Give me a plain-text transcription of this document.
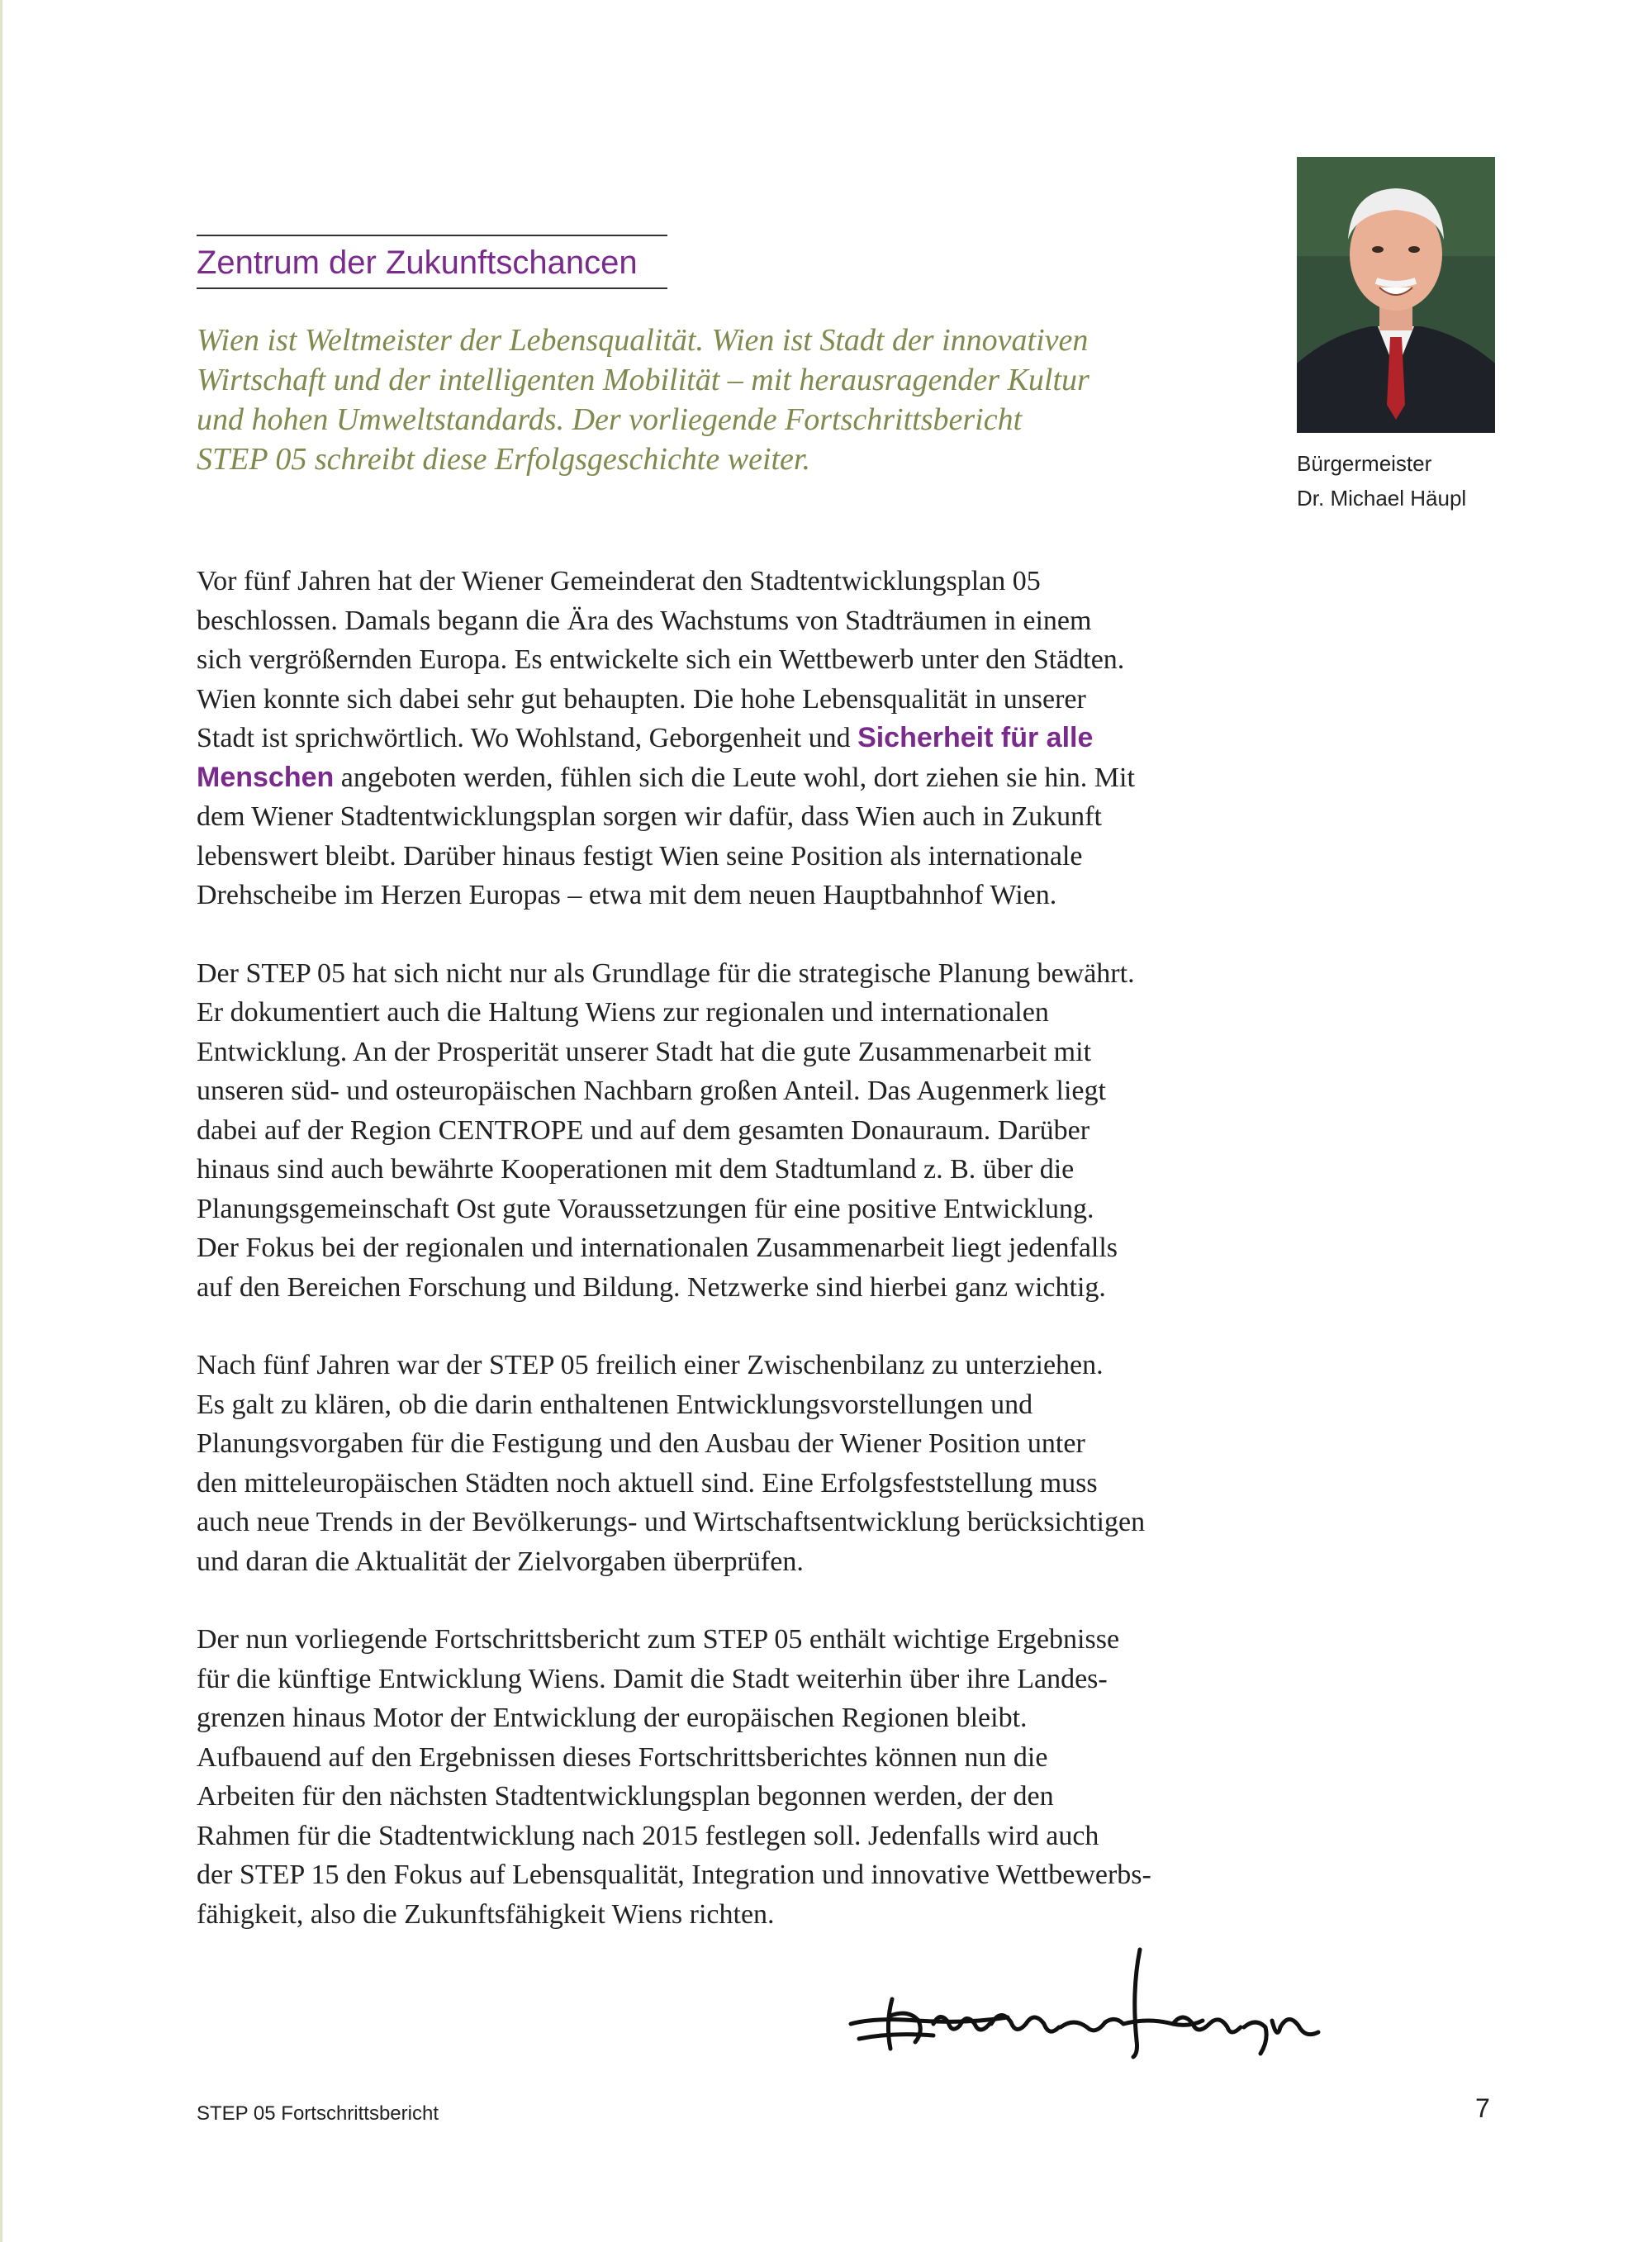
Zentrum der Zukunftschancen
Wien ist Weltmeister der Lebensqualität. Wien ist Stadt der innovativen
Wirtschaft und der intelligenten Mobilität – mit herausragender Kultur
und hohen Umweltstandards. Der vorliegende Fortschrittsbericht
STEP 05 schreibt diese Erfolgsgeschichte weiter.	Bürgermeister
Dr. Michael Häupl
Vor fünf Jahren hat der Wiener Gemeinderat den Stadtentwicklungsplan 05
beschlossen. Damals begann die Ära des Wachstums von Stadträumen in einem
sich vergrößernden Europa. Es entwickelte sich ein Wettbewerb unter den Städten.
Wien konnte sich dabei sehr gut behaupten. Die hohe Lebensqualität in unserer
Stadt ist sprichwörtlich. Wo Wohlstand, Geborgenheit und Sicherheit für alle
Menschen angeboten werden, fühlen sich die Leute wohl, dort ziehen sie hin. Mit
dem Wiener Stadtentwicklungsplan sorgen wir dafür, dass Wien auch in Zukunft
lebenswert bleibt. Darüber hinaus festigt Wien seine Position als internationale
Drehscheibe im Herzen Europas – etwa mit dem neuen Hauptbahnhof Wien.
Der STEP 05 hat sich nicht nur als Grundlage für die strategische Planung bewährt.
Er dokumentiert auch die Haltung Wiens zur regionalen und internationalen
Entwicklung. An der Prosperität unserer Stadt hat die gute Zusammenarbeit mit
unseren süd- und osteuropäischen Nachbarn großen Anteil. Das Augenmerk liegt
dabei auf der Region CENTROPE und auf dem gesamten Donauraum. Darüber
hinaus sind auch bewährte Kooperationen mit dem Stadtumland z. B. über die
Planungsgemeinschaft Ost gute Voraussetzungen für eine positive Entwicklung.
Der Fokus bei der regionalen und internationalen Zusammenarbeit liegt jedenfalls
auf den Bereichen Forschung und Bildung. Netzwerke sind hierbei ganz wichtig.
Nach fünf Jahren war der STEP 05 freilich einer Zwischenbilanz zu unterziehen.
Es galt zu klären, ob die darin enthaltenen Entwicklungsvorstellungen und
Planungsvorgaben für die Festigung und den Ausbau der Wiener Position unter
den mitteleuropäischen Städten noch aktuell sind. Eine Erfolgsfeststellung muss
auch neue Trends in der Bevölkerungs- und Wirtschaftsentwicklung berücksichtigen
und daran die Aktualität der Zielvorgaben überprüfen.
Der nun vorliegende Fortschrittsbericht zum STEP 05 enthält wichtige Ergebnisse
für die künftige Entwicklung Wiens. Damit die Stadt weiterhin über ihre Landes-
grenzen hinaus Motor der Entwicklung der europäischen Regionen bleibt.
Aufbauend auf den Ergebnissen dieses Fortschrittsberichtes können nun die
Arbeiten für den nächsten Stadtentwicklungsplan begonnen werden, der den
Rahmen für die Stadtentwicklung nach 2015 festlegen soll. Jedenfalls wird auch
der STEP 15 den Fokus auf Lebensqualität, Integration und innovative Wettbewerbs-
fähigkeit, also die Zukunftsfähigkeit Wiens richten.
STEP 05 Fortschrittsbericht	7
